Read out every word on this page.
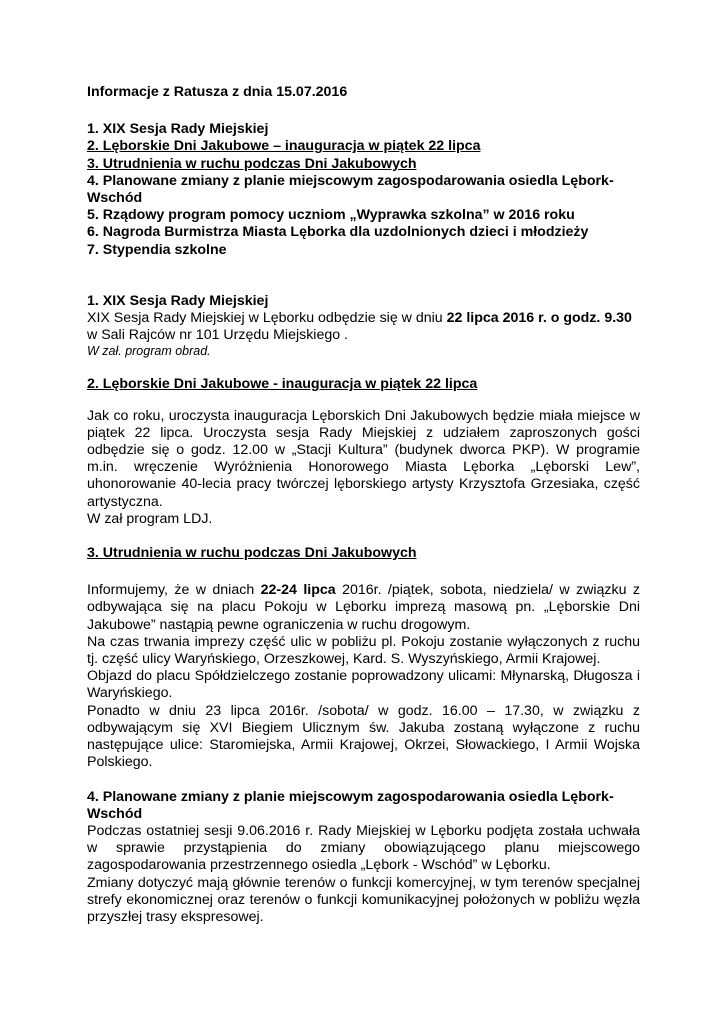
Informacje z Ratusza z dnia 15.07.2016

1. XIX Sesja Rady Miejskiej

2. Lęborskie Dni Jakubowe – inauguracja w piątek 22 lipca

3. Utrudnienia w ruchu podczas Dni Jakubowych

4. Planowane zmiany z planie miejscowym zagospodarowania osiedla Lębork-Wschód

5. Rządowy program pomocy uczniom „Wyprawka szkolna” w 2016 roku

6. Nagroda Burmistrza Miasta Lęborka dla uzdolnionych dzieci i młodzieży

7. Stypendia szkolne

1. XIX Sesja Rady Miejskiej

XIX Sesja Rady Miejskiej w Lęborku odbędzie się w dniu 22 lipca 2016 r. o godz. 9.30 w Sali Rajców nr 101 Urzędu Miejskiego .

W zał. program obrad.

2. Lęborskie Dni Jakubowe - inauguracja w piątek 22 lipca

Jak co roku, uroczysta inauguracja Lęborskich Dni Jakubowych będzie miała miejsce w piątek 22 lipca. Uroczysta sesja Rady Miejskiej z udziałem zaproszonych gości odbędzie się o godz. 12.00 w „Stacji Kultura” (budynek dworca PKP). W programie m.in. wręczenie Wyróżnienia Honorowego Miasta Lęborka „Lęborski Lew”, uhonorowanie 40-lecia pracy twórczej lęborskiego artysty Krzysztofa Grzesiaka, część artystyczna.

W zał program LDJ.

3. Utrudnienia w ruchu podczas Dni Jakubowych

Informujemy, że w dniach 22-24 lipca 2016r. /piątek, sobota, niedziela/ w związku z odbywająca się na placu Pokoju w Lęborku imprezą masową pn. „Lęborskie Dni Jakubowe” nastąpią pewne ograniczenia w ruchu drogowym.

Na czas trwania imprezy część ulic w pobliżu pl. Pokoju zostanie wyłączonych z ruchu tj. część ulicy Waryńskiego, Orzeszkowej, Kard. S. Wyszyńskiego, Armii Krajowej.

Objazd do placu Spółdzielczego zostanie poprowadzony ulicami: Młynarską, Długosza i Waryńskiego.

Ponadto w dniu 23 lipca 2016r. /sobota/ w godz. 16.00 – 17.30, w związku z odbywającym się XVI Biegiem Ulicznym św. Jakuba zostaną wyłączone z ruchu następujące ulice: Staromiejska, Armii Krajowej, Okrzei, Słowackiego, I Armii Wojska Polskiego.

4. Planowane zmiany z planie miejscowym zagospodarowania osiedla Lębork-Wschód

Podczas ostatniej sesji 9.06.2016 r. Rady Miejskiej w Lęborku podjęta została uchwała w sprawie przystąpienia do zmiany obowiązującego planu miejscowego zagospodarowania przestrzennego osiedla „Lębork - Wschód” w Lęborku.

Zmiany dotyczyć mają głównie terenów o funkcji komercyjnej, w tym terenów specjalnej strefy ekonomicznej oraz terenów o funkcji komunikacyjnej położonych w pobliżu węzła przyszłej trasy ekspresowej.
